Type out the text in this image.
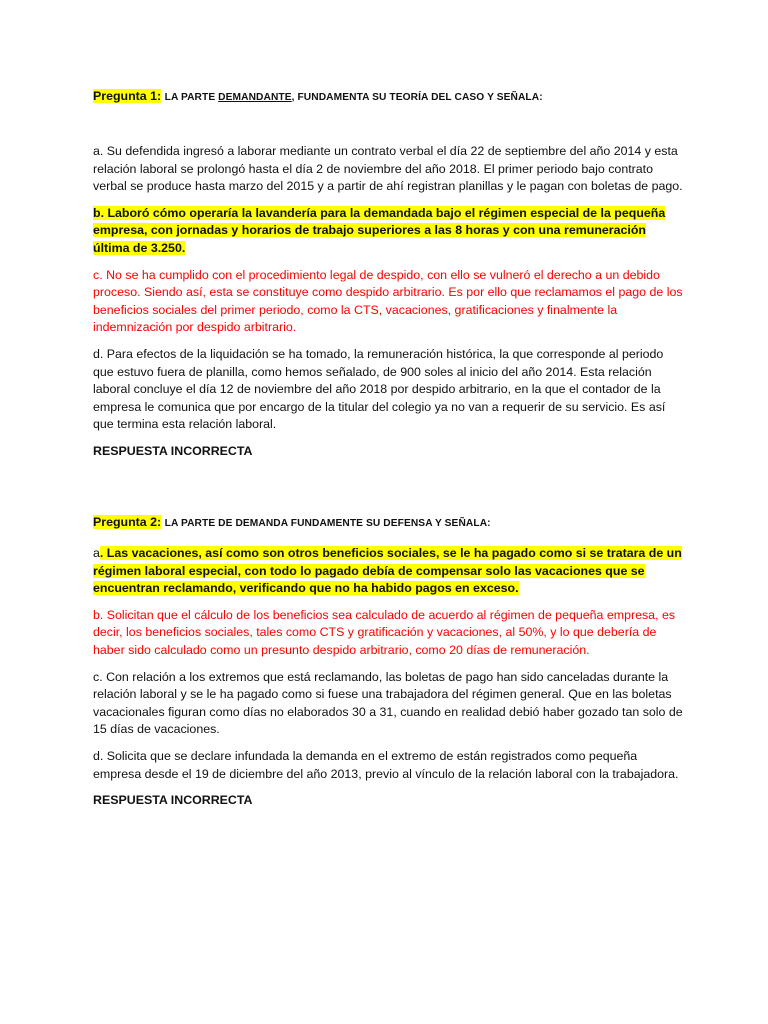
Pregunta 1: LA PARTE DEMANDANTE, FUNDAMENTA SU TEORÍA DEL CASO Y SEÑALA:

a. Su defendida ingresó a laborar mediante un contrato verbal el día 22 de septiembre del año 2014 y esta relación laboral se prolongó hasta el día 2 de noviembre del año 2018. El primer periodo bajo contrato verbal se produce hasta marzo del 2015 y a partir de ahí registran planillas y le pagan con boletas de pago.

b. Laboró cómo operaría la lavandería para la demandada bajo el régimen especial de la pequeña empresa, con jornadas y horarios de trabajo superiores a las 8 horas y con una remuneración última de 3.250.

c. No se ha cumplido con el procedimiento legal de despido, con ello se vulneró el derecho a un debido proceso. Siendo así, esta se constituye como despido arbitrario. Es por ello que reclamamos el pago de los beneficios sociales del primer periodo, como la CTS, vacaciones, gratificaciones y finalmente la indemnización por despido arbitrario.

d. Para efectos de la liquidación se ha tomado, la remuneración histórica, la que corresponde al periodo que estuvo fuera de planilla, como hemos señalado, de 900 soles al inicio del año 2014. Esta relación laboral concluye el día 12 de noviembre del año 2018 por despido arbitrario, en la que el contador de la empresa le comunica que por encargo de la titular del colegio ya no van a requerir de su servicio. Es así que termina esta relación laboral.

RESPUESTA INCORRECTA

Pregunta 2: LA PARTE DE DEMANDA FUNDAMENTE SU DEFENSA Y SEÑALA:

a. Las vacaciones, así como son otros beneficios sociales, se le ha pagado como si se tratara de un régimen laboral especial, con todo lo pagado debía de compensar solo las vacaciones que se encuentran reclamando, verificando que no ha habido pagos en exceso.

b. Solicitan que el cálculo de los beneficios sea calculado de acuerdo al régimen de pequeña empresa, es decir, los beneficios sociales, tales como CTS y gratificación y vacaciones, al 50%, y lo que debería de haber sido calculado como un presunto despido arbitrario, como 20 días de remuneración.

c. Con relación a los extremos que está reclamando, las boletas de pago han sido canceladas durante la relación laboral y se le ha pagado como si fuese una trabajadora del régimen general. Que en las boletas vacacionales figuran como días no elaborados 30 a 31, cuando en realidad debió haber gozado tan solo de 15 días de vacaciones.

d. Solicita que se declare infundada la demanda en el extremo de están registrados como pequeña empresa desde el 19 de diciembre del año 2013, previo al vínculo de la relación laboral con la trabajadora.

RESPUESTA INCORRECTA
